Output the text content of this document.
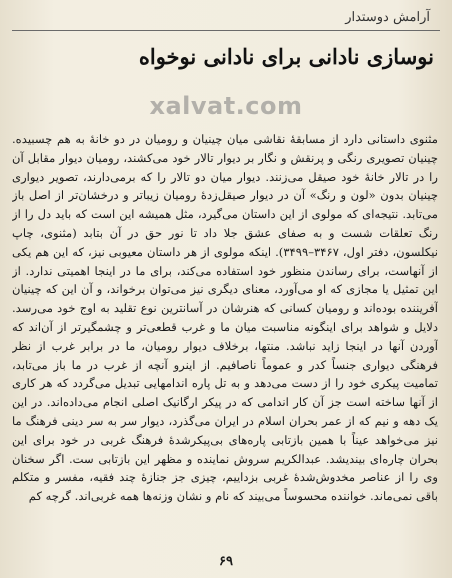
آرامش دوستدار
نوسازی نادانی برای نادانی نوخواه
xalvat.com

مثنوی داستانی دارد از مسابقهٔ نقاشی میان چینیان و رومیان در دو خانهٔ به هم چسبیده. چینیان تصویری رنگی و پرنقش و نگار بر دیوار تالار خود می‌کشند، رومیان دیوار مقابل آن را در تالار خانهٔ خود صیقل می‌زنند. دیوار میان دو تالار را که برمی‌دارند، تصویر دیواری چینیان بدون «لون و رنگ» آن در دیوار صیقل‌زدهٔ رومیان زیباتر و درخشان‌تر از اصل باز می‌تابد. نتیجه‌ای که مولوی از این داستان می‌گیرد، مثل همیشه این است که باید دل را از رنگ تعلقات شست و به صفای عشق جلا داد تا نور حق در آن بتابد (مثنوی، چاپ نیکلسون، دفتر اول، ۳۴۶۷–۳۴۹۹). اینکه مولوی از هر داستان معیوبی نیز، که این هم یکی از آنهاست، برای رساندن منظور خود استفاده می‌کند، برای ما در اینجا اهمیتی ندارد. از این تمثیل یا مجازی که او می‌آورد، معنای دیگری نیز می‌توان برخواند، و آن این که چینیان آفریننده بوده‌اند و رومیان کسانی که هنرشان در آسانترین نوع تقلید به اوج خود می‌رسد. دلایل و شواهد برای اینگونه مناسبت میان ما و غرب قطعی‌تر و چشمگیرتر از آن‌اند که آوردن آنها در اینجا زاید نباشد. منتها، برخلاف دیوار رومیان، ما در برابر غرب از نظر فرهنگی دیواری جنساً کدر و عموماً ناصافیم. از اینرو آنچه از غرب در ما باز می‌تابد، تمامیت پیکری خود را از دست می‌دهد و به تل پاره اندامهایی تبدیل می‌گردد که هر کاری از آنها ساخته است جز آن کار اندامی که در پیکر ارگانیک اصلی انجام می‌داده‌اند. در این یک دهه و نیم که از عمر بحران اسلام در ایران می‌گذرد، دیوار سر به سر دینی فرهنگ ما نیز می‌خواهد عیناً با همین بازتابی پاره‌های بی‌پیکرشدهٔ فرهنگ غربی در خود برای این بحران چاره‌ای بیندیشد. عبدالکریم سروش نماینده و مظهر این بازتابی ست. اگر سخنان وی را از عناصر مخدوش‌شدهٔ غربی بزداییم، چیزی جز جنازهٔ چند فقیه، مفسر و متکلم باقی نمی‌ماند. خواننده محسوساً می‌بیند که نام و نشان وزنه‌ها همه غربی‌اند. گرچه کم

۶۹
